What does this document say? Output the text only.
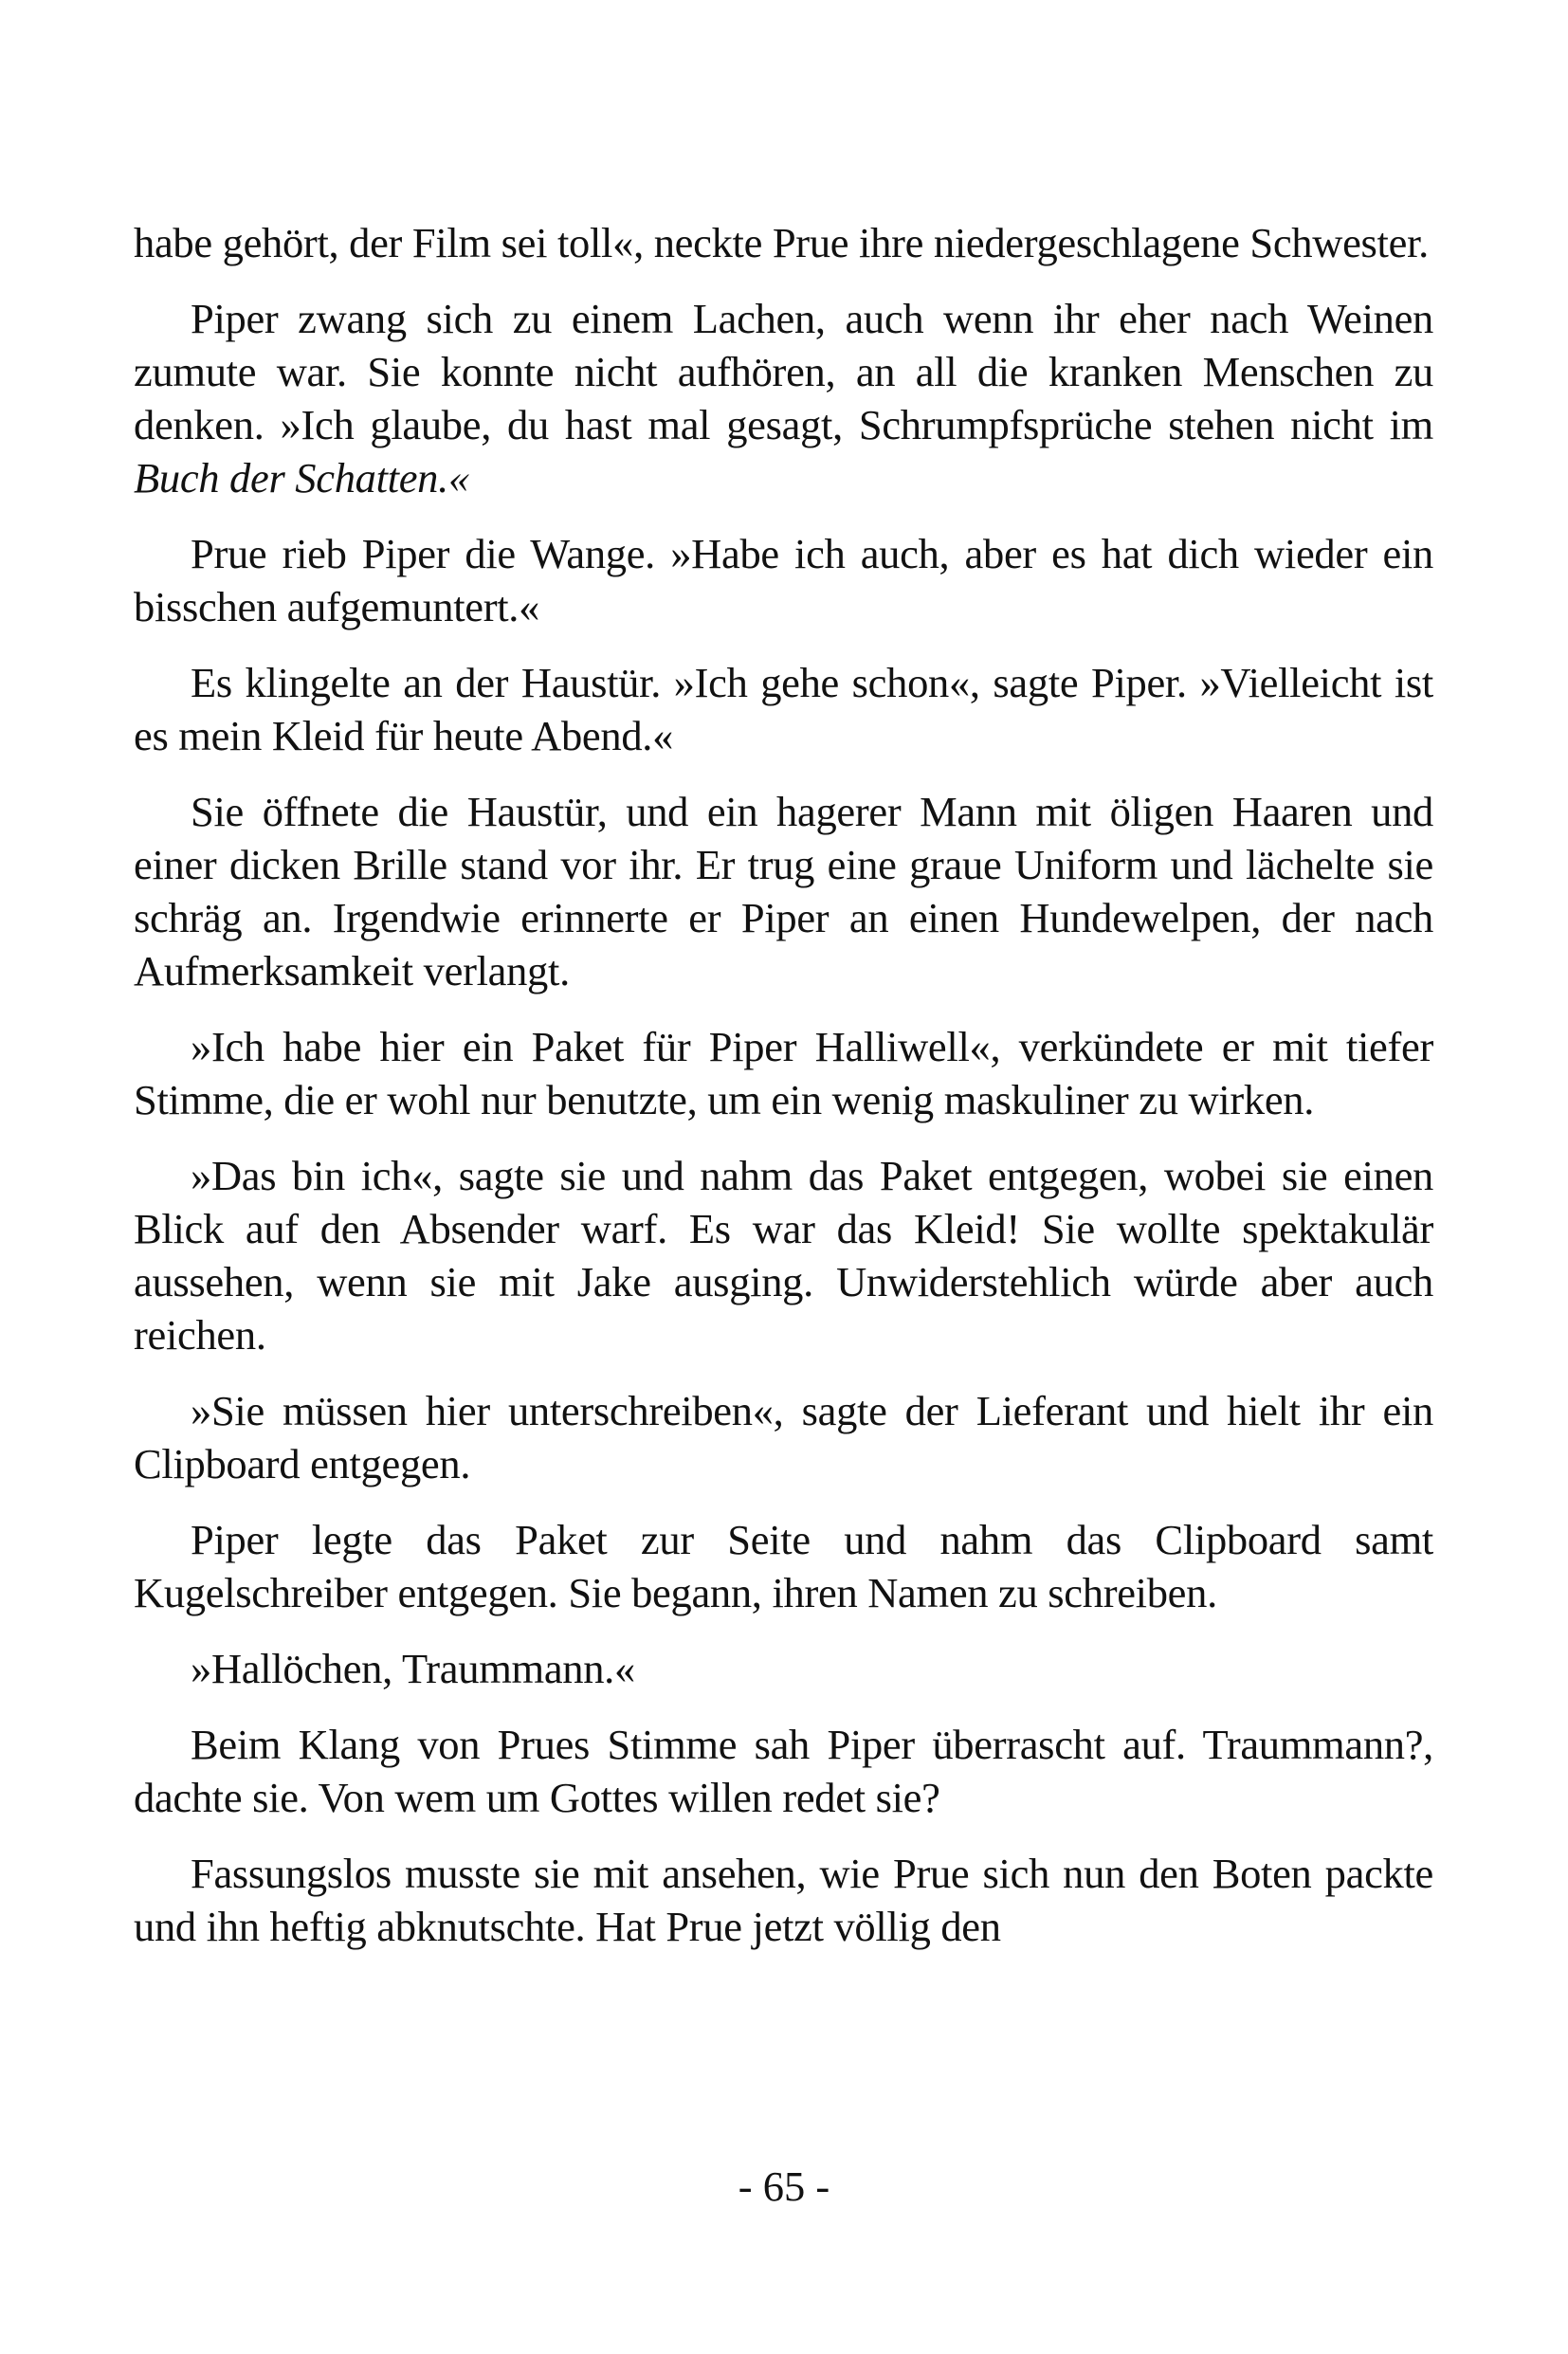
habe gehört, der Film sei toll«, neckte Prue ihre niedergeschlagene Schwester.

Piper zwang sich zu einem Lachen, auch wenn ihr eher nach Weinen zumute war. Sie konnte nicht aufhören, an all die kranken Menschen zu denken. »Ich glaube, du hast mal gesagt, Schrumpfsprüche stehen nicht im Buch der Schatten.«

Prue rieb Piper die Wange. »Habe ich auch, aber es hat dich wieder ein bisschen aufgemuntert.«

Es klingelte an der Haustür. »Ich gehe schon«, sagte Piper. »Vielleicht ist es mein Kleid für heute Abend.«

Sie öffnete die Haustür, und ein hagerer Mann mit öligen Haaren und einer dicken Brille stand vor ihr. Er trug eine graue Uniform und lächelte sie schräg an. Irgendwie erinnerte er Piper an einen Hundewelpen, der nach Aufmerksamkeit verlangt.

»Ich habe hier ein Paket für Piper Halliwell«, verkündete er mit tiefer Stimme, die er wohl nur benutzte, um ein wenig maskuliner zu wirken.

»Das bin ich«, sagte sie und nahm das Paket entgegen, wobei sie einen Blick auf den Absender warf. Es war das Kleid! Sie wollte spektakulär aussehen, wenn sie mit Jake ausging. Unwiderstehlich würde aber auch reichen.

»Sie müssen hier unterschreiben«, sagte der Lieferant und hielt ihr ein Clipboard entgegen.

Piper legte das Paket zur Seite und nahm das Clipboard samt Kugelschreiber entgegen. Sie begann, ihren Namen zu schreiben.

»Hallöchen, Traummann.«

Beim Klang von Prues Stimme sah Piper überrascht auf. Traummann?, dachte sie. Von wem um Gottes willen redet sie?

Fassungslos musste sie mit ansehen, wie Prue sich nun den Boten packte und ihn heftig abknutschte. Hat Prue jetzt völlig den

- 65 -
